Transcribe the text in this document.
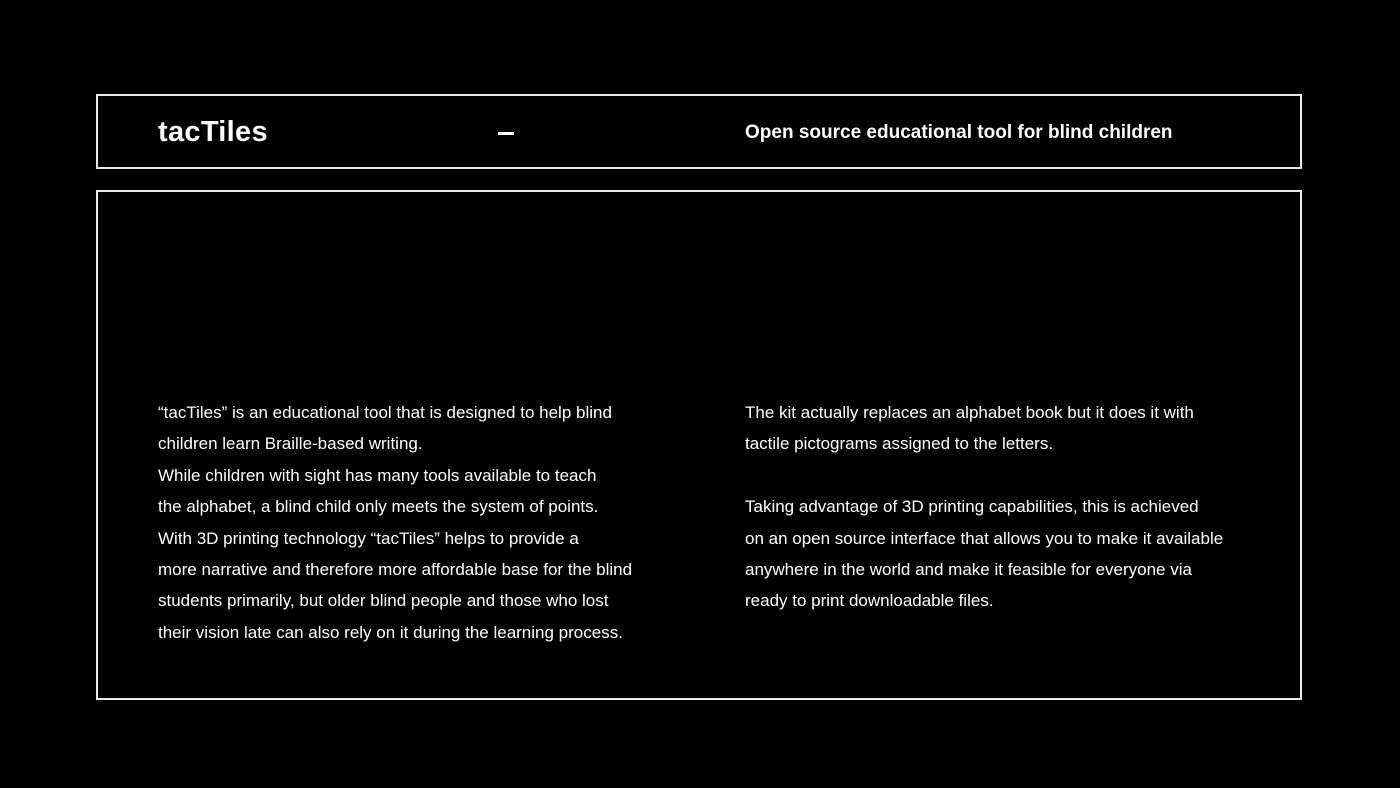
tacTiles	Open source educational tool for blind children
“tacTiles” is an educational tool that is designed to help blind
children learn Braille-based writing.
While children with sight has many tools available to teach
the alphabet, a blind child only meets the system of points.
With 3D printing technology “tacTiles” helps to provide a
more narrative and therefore more affordable base for the blind
students primarily, but older blind people and those who lost
their vision late can also rely on it during the learning process.
The kit actually replaces an alphabet book but it does it with
tactile pictograms assigned to the letters.
Taking advantage of 3D printing capabilities, this is achieved
on an open source interface that allows you to make it available
anywhere in the world and make it feasible for everyone via
ready to print downloadable files.
